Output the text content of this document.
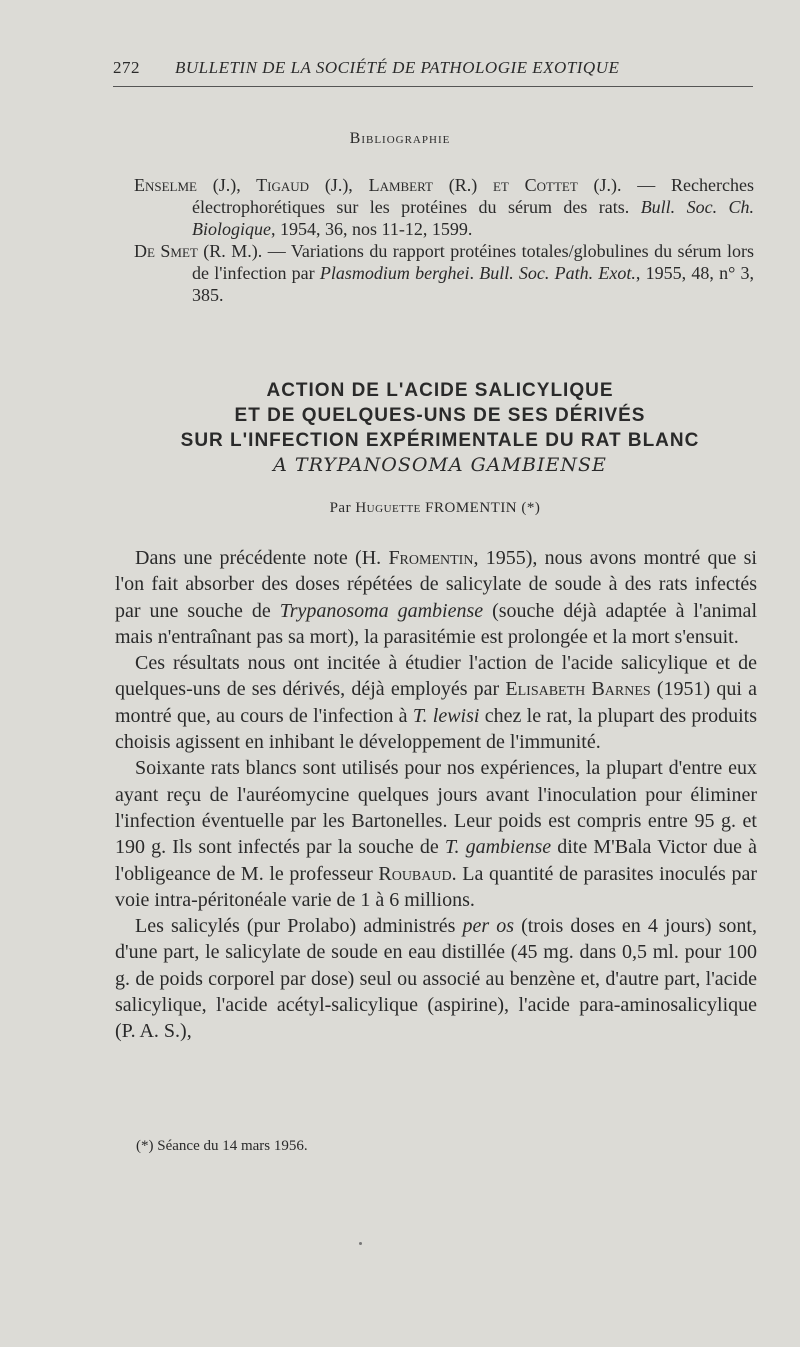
272 BULLETIN DE LA SOCIÉTÉ DE PATHOLOGIE EXOTIQUE
Bibliographie
Enselme (J.), Tigaud (J.), Lambert (R.) et Cottet (J.). — Recherches électrophorétiques sur les protéines du sérum des rats. Bull. Soc. Ch. Biologique, 1954, 36, nos 11-12, 1599.
De Smet (R. M.). — Variations du rapport protéines totales/globulines du sérum lors de l'infection par Plasmodium berghei. Bull. Soc. Path. Exot., 1955, 48, n° 3, 385.
ACTION DE L'ACIDE SALICYLIQUE
ET DE QUELQUES-UNS DE SES DÉRIVÉS
SUR L'INFECTION EXPÉRIMENTALE DU RAT BLANC
A TRYPANOSOMA GAMBIENSE
Par Huguette FROMENTIN (*)

Dans une précédente note (H. Fromentin, 1955), nous avons montré que si l'on fait absorber des doses répétées de salicylate de soude à des rats infectés par une souche de Trypanosoma gambiense (souche déjà adaptée à l'animal mais n'entraînant pas sa mort), la parasitémie est prolongée et la mort s'ensuit.

Ces résultats nous ont incitée à étudier l'action de l'acide salicylique et de quelques-uns de ses dérivés, déjà employés par Elisabeth Barnes (1951) qui a montré que, au cours de l'infection à T. lewisi chez le rat, la plupart des produits choisis agissent en inhibant le développement de l'immunité.

Soixante rats blancs sont utilisés pour nos expériences, la plupart d'entre eux ayant reçu de l'auréomycine quelques jours avant l'inoculation pour éliminer l'infection éventuelle par les Bartonelles. Leur poids est compris entre 95 g. et 190 g. Ils sont infectés par la souche de T. gambiense dite M'Bala Victor due à l'obligeance de M. le professeur Roubaud. La quantité de parasites inoculés par voie intra-péritonéale varie de 1 à 6 millions.

Les salicylés (pur Prolabo) administrés per os (trois doses en 4 jours) sont, d'une part, le salicylate de soude en eau distillée (45 mg. dans 0,5 ml. pour 100 g. de poids corporel par dose) seul ou associé au benzène et, d'autre part, l'acide salicylique, l'acide acétyl-salicylique (aspirine), l'acide para-aminosalicylique (P. A. S.),

(*) Séance du 14 mars 1956.
